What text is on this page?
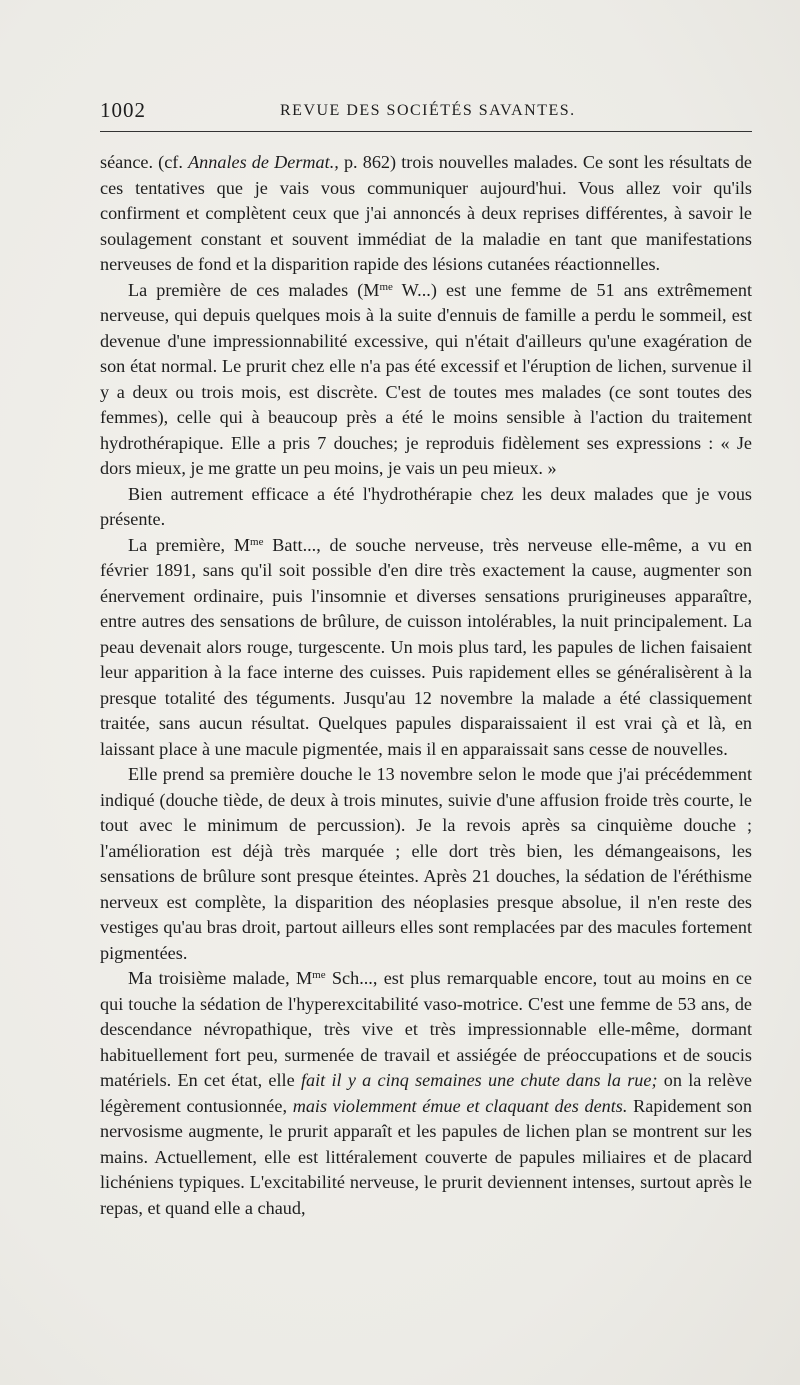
1002	REVUE DES SOCIÉTÉS SAVANTES.

séance. (cf. Annales de Dermat., p. 862) trois nouvelles malades. Ce sont les résultats de ces tentatives que je vais vous communiquer aujourd'hui. Vous allez voir qu'ils confirment et complètent ceux que j'ai annoncés à deux reprises différentes, à savoir le soulagement constant et souvent immédiat de la maladie en tant que manifestations nerveuses de fond et la disparition rapide des lésions cutanées réactionnelles.

La première de ces malades ($M^{me}$ W...) est une femme de 51 ans extrêmement nerveuse, qui depuis quelques mois à la suite d'ennuis de famille a perdu le sommeil, est devenue d'une impressionnabilité excessive, qui n'était d'ailleurs qu'une exagération de son état normal. Le prurit chez elle n'a pas été excessif et l'éruption de lichen, survenue il y a deux ou trois mois, est discrète. C'est de toutes mes malades (ce sont toutes des femmes), celle qui à beaucoup près a été le moins sensible à l'action du traitement hydrothérapique. Elle a pris 7 douches; je reproduis fidèlement ses expressions : « Je dors mieux, je me gratte un peu moins, je vais un peu mieux. »

Bien autrement efficace a été l'hydrothérapie chez les deux malades que je vous présente.

La première, $M^{me}$ Batt..., de souche nerveuse, très nerveuse elle-même, a vu en février 1891, sans qu'il soit possible d'en dire très exactement la cause, augmenter son énervement ordinaire, puis l'insomnie et diverses sensations prurigineuses apparaître, entre autres des sensations de brûlure, de cuisson intolérables, la nuit principalement. La peau devenait alors rouge, turgescente. Un mois plus tard, les papules de lichen faisaient leur apparition à la face interne des cuisses. Puis rapidement elles se généralisèrent à la presque totalité des téguments. Jusqu'au 12 novembre la malade a été classiquement traitée, sans aucun résultat. Quelques papules disparaissaient il est vrai çà et là, en laissant place à une macule pigmentée, mais il en apparaissait sans cesse de nouvelles.

Elle prend sa première douche le 13 novembre selon le mode que j'ai précédemment indiqué (douche tiède, de deux à trois minutes, suivie d'une affusion froide très courte, le tout avec le minimum de percussion). Je la revois après sa cinquième douche ; l'amélioration est déjà très marquée ; elle dort très bien, les démangeaisons, les sensations de brûlure sont presque éteintes. Après 21 douches, la sédation de l'éréthisme nerveux est complète, la disparition des néoplasies presque absolue, il n'en reste des vestiges qu'au bras droit, partout ailleurs elles sont remplacées par des macules fortement pigmentées.

Ma troisième malade, $M^{me}$ Sch..., est plus remarquable encore, tout au moins en ce qui touche la sédation de l'hyperexcitabilité vaso-motrice. C'est une femme de 53 ans, de descendance névropathique, très vive et très impressionnable elle-même, dormant habituellement fort peu, surmenée de travail et assiégée de préoccupations et de soucis matériels. En cet état, elle fait il y a cinq semaines une chute dans la rue; on la relève légèrement contusionnée, mais violemment émue et claquant des dents. Rapidement son nervosisme augmente, le prurit apparaît et les papules de lichen plan se montrent sur les mains. Actuellement, elle est littéralement couverte de papules miliaires et de placard lichéniens typiques. L'excitabilité nerveuse, le prurit deviennent intenses, surtout après le repas, et quand elle a chaud,
